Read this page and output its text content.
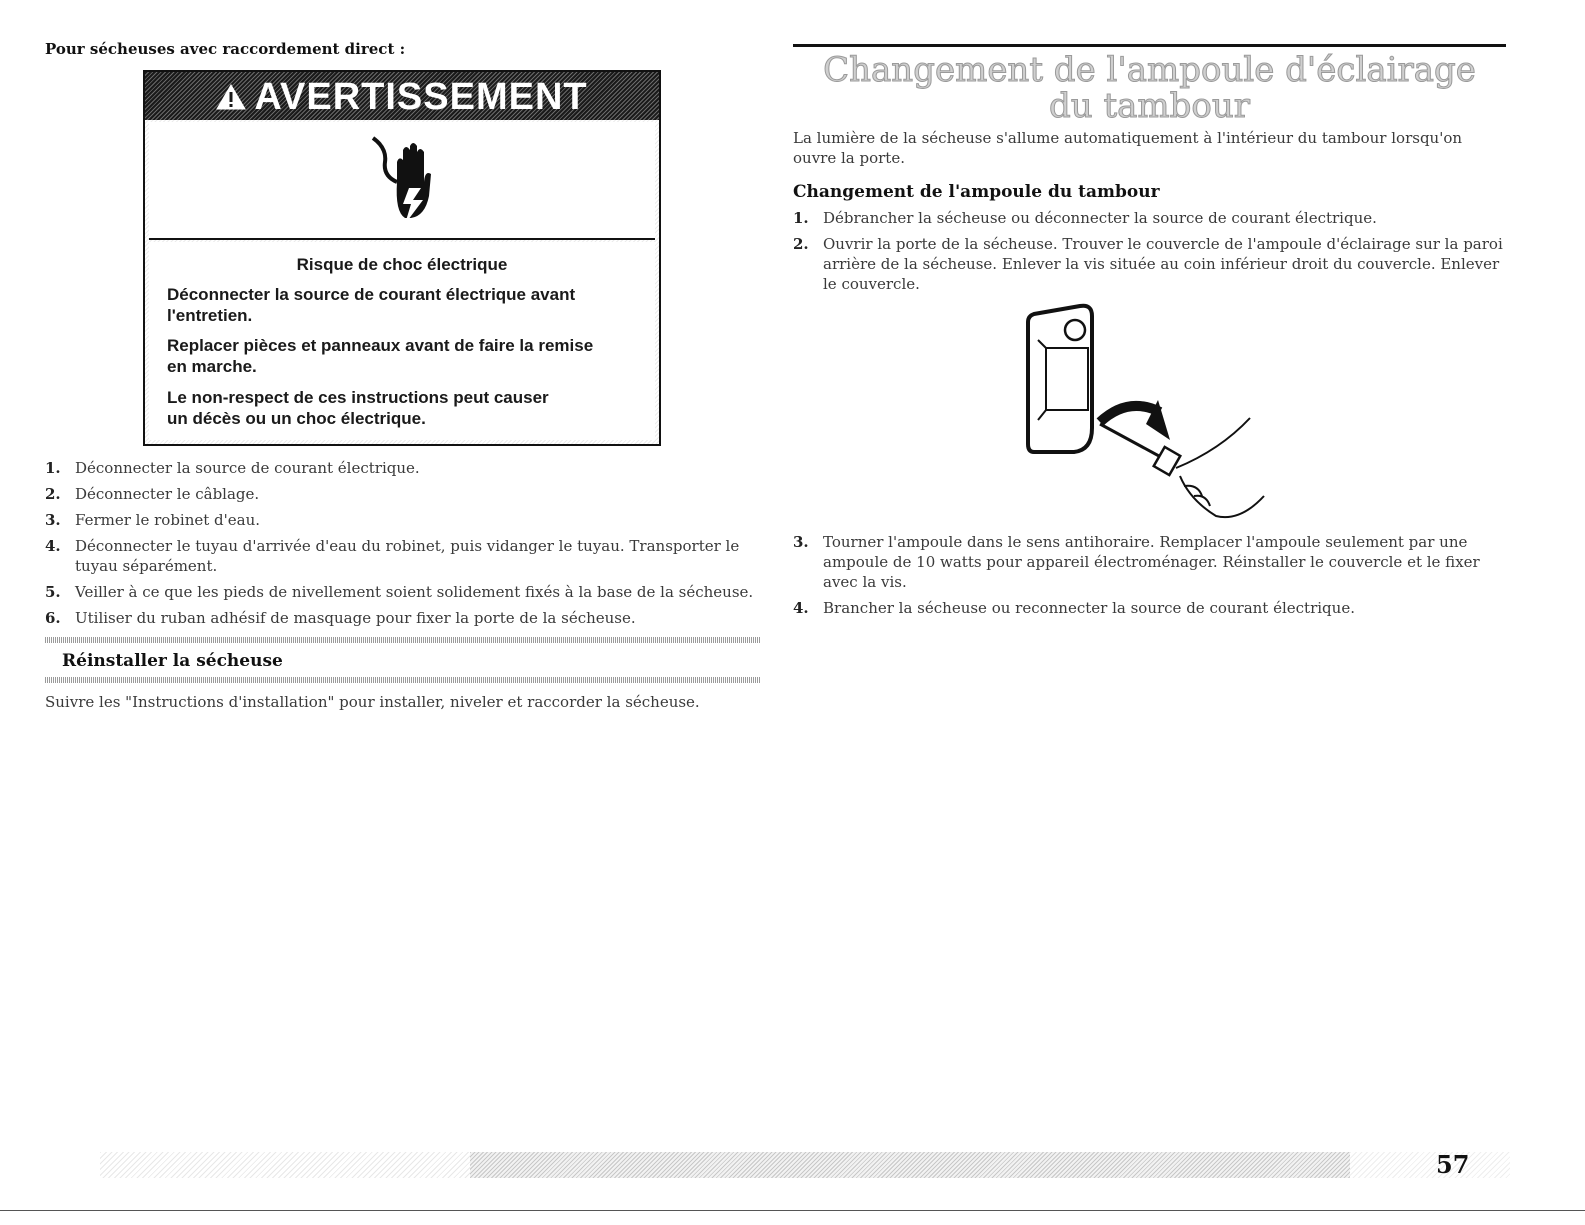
Pour sécheuses avec raccordement direct :
AVERTISSEMENT
Risque de choc électrique
Déconnecter la source de courant électrique avant
l'entretien.
Replacer pièces et panneaux avant de faire la remise
en marche.
Le non-respect de ces instructions peut causer
un décès ou un choc électrique.
1. Déconnecter la source de courant électrique.
2. Déconnecter le câblage.
3. Fermer le robinet d'eau.
4. Déconnecter le tuyau d'arrivée d'eau du robinet, puis vidanger le tuyau. Transporter le tuyau séparément.
5. Veiller à ce que les pieds de nivellement soient solidement fixés à la base de la sécheuse.
6. Utiliser du ruban adhésif de masquage pour fixer la porte de la sécheuse.
Réinstaller la sécheuse
Suivre les "Instructions d'installation" pour installer, niveler et raccorder la sécheuse.
Changement de l'ampoule d'éclairage
du tambour
La lumière de la sécheuse s'allume automatiquement à l'intérieur du tambour lorsqu'on ouvre la porte.
Changement de l'ampoule du tambour
1. Débrancher la sécheuse ou déconnecter la source de courant électrique.
2. Ouvrir la porte de la sécheuse. Trouver le couvercle de l'ampoule d'éclairage sur la paroi arrière de la sécheuse. Enlever la vis située au coin inférieur droit du couvercle. Enlever le couvercle.
3. Tourner l'ampoule dans le sens antihoraire. Remplacer l'ampoule seulement par une ampoule de 10 watts pour appareil électroménager. Réinstaller le couvercle et le fixer avec la vis.
4. Brancher la sécheuse ou reconnecter la source de courant électrique.
57
